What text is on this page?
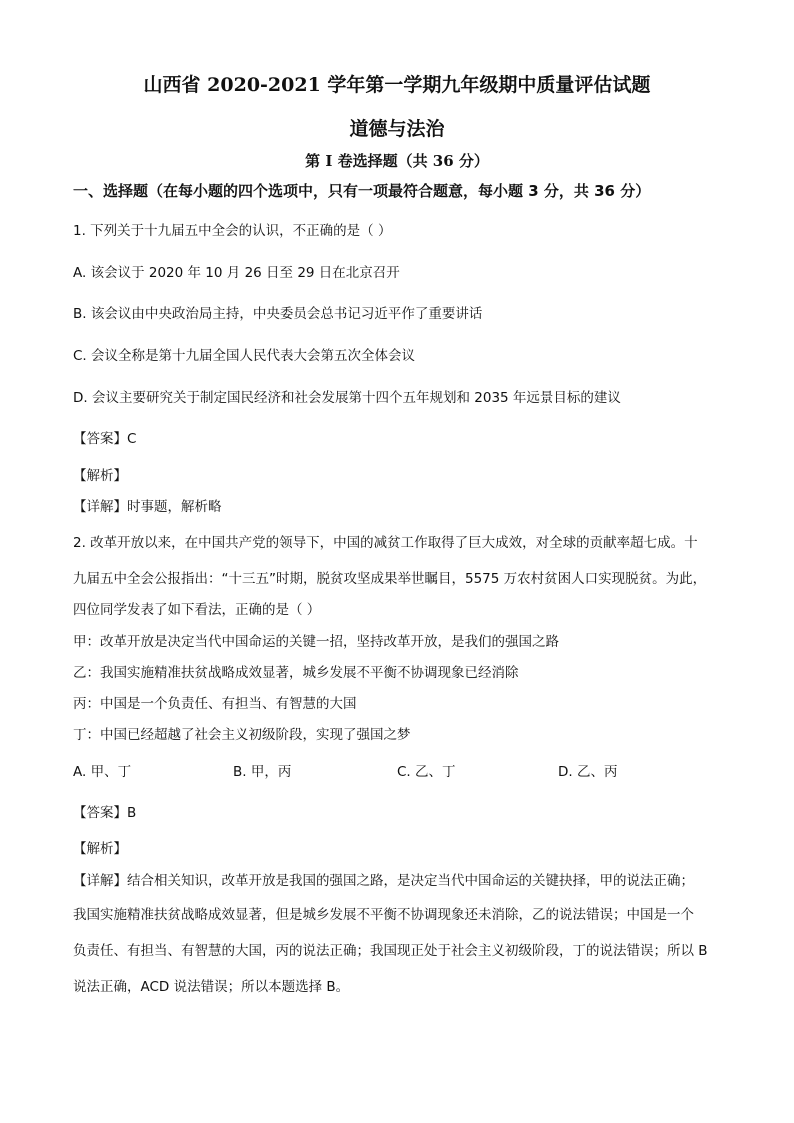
山西省 2020-2021 学年第一学期九年级期中质量评估试题
道德与法治
第 I 卷选择题（共 36 分）
一、选择题（在每小题的四个选项中，只有一项最符合题意，每小题 3 分，共 36 分）
1. 下列关于十九届五中全会的认识，不正确的是（ ）
A. 该会议于 2020 年 10 月 26 日至 29 日在北京召开
B. 该会议由中央政治局主持，中央委员会总书记习近平作了重要讲话
C. 会议全称是第十九届全国人民代表大会第五次全体会议
D. 会议主要研究关于制定国民经济和社会发展第十四个五年规划和 2035 年远景目标的建议
【答案】C
【解析】
【详解】时事题，解析略
2. 改革开放以来，在中国共产党的领导下，中国的减贫工作取得了巨大成效，对全球的贡献率超七成。十
九届五中全会公报指出：“十三五”时期，脱贫攻坚成果举世瞩目，5575 万农村贫困人口实现脱贫。为此，
四位同学发表了如下看法，正确的是（ ）
甲：改革开放是决定当代中国命运的关键一招，坚持改革开放，是我们的强国之路
乙：我国实施精准扶贫战略成效显著，城乡发展不平衡不协调现象已经消除
丙：中国是一个负责任、有担当、有智慧的大国
丁：中国已经超越了社会主义初级阶段，实现了强国之梦
A. 甲、丁	B. 甲，丙	C. 乙、丁	D. 乙、丙
【答案】B
【解析】
【详解】结合相关知识，改革开放是我国的强国之路，是决定当代中国命运的关键抉择，甲的说法正确；
我国实施精准扶贫战略成效显著，但是城乡发展不平衡不协调现象还未消除，乙的说法错误；中国是一个
负责任、有担当、有智慧的大国，丙的说法正确；我国现正处于社会主义初级阶段，丁的说法错误；所以 B
说法正确，ACD 说法错误；所以本题选择 B。
